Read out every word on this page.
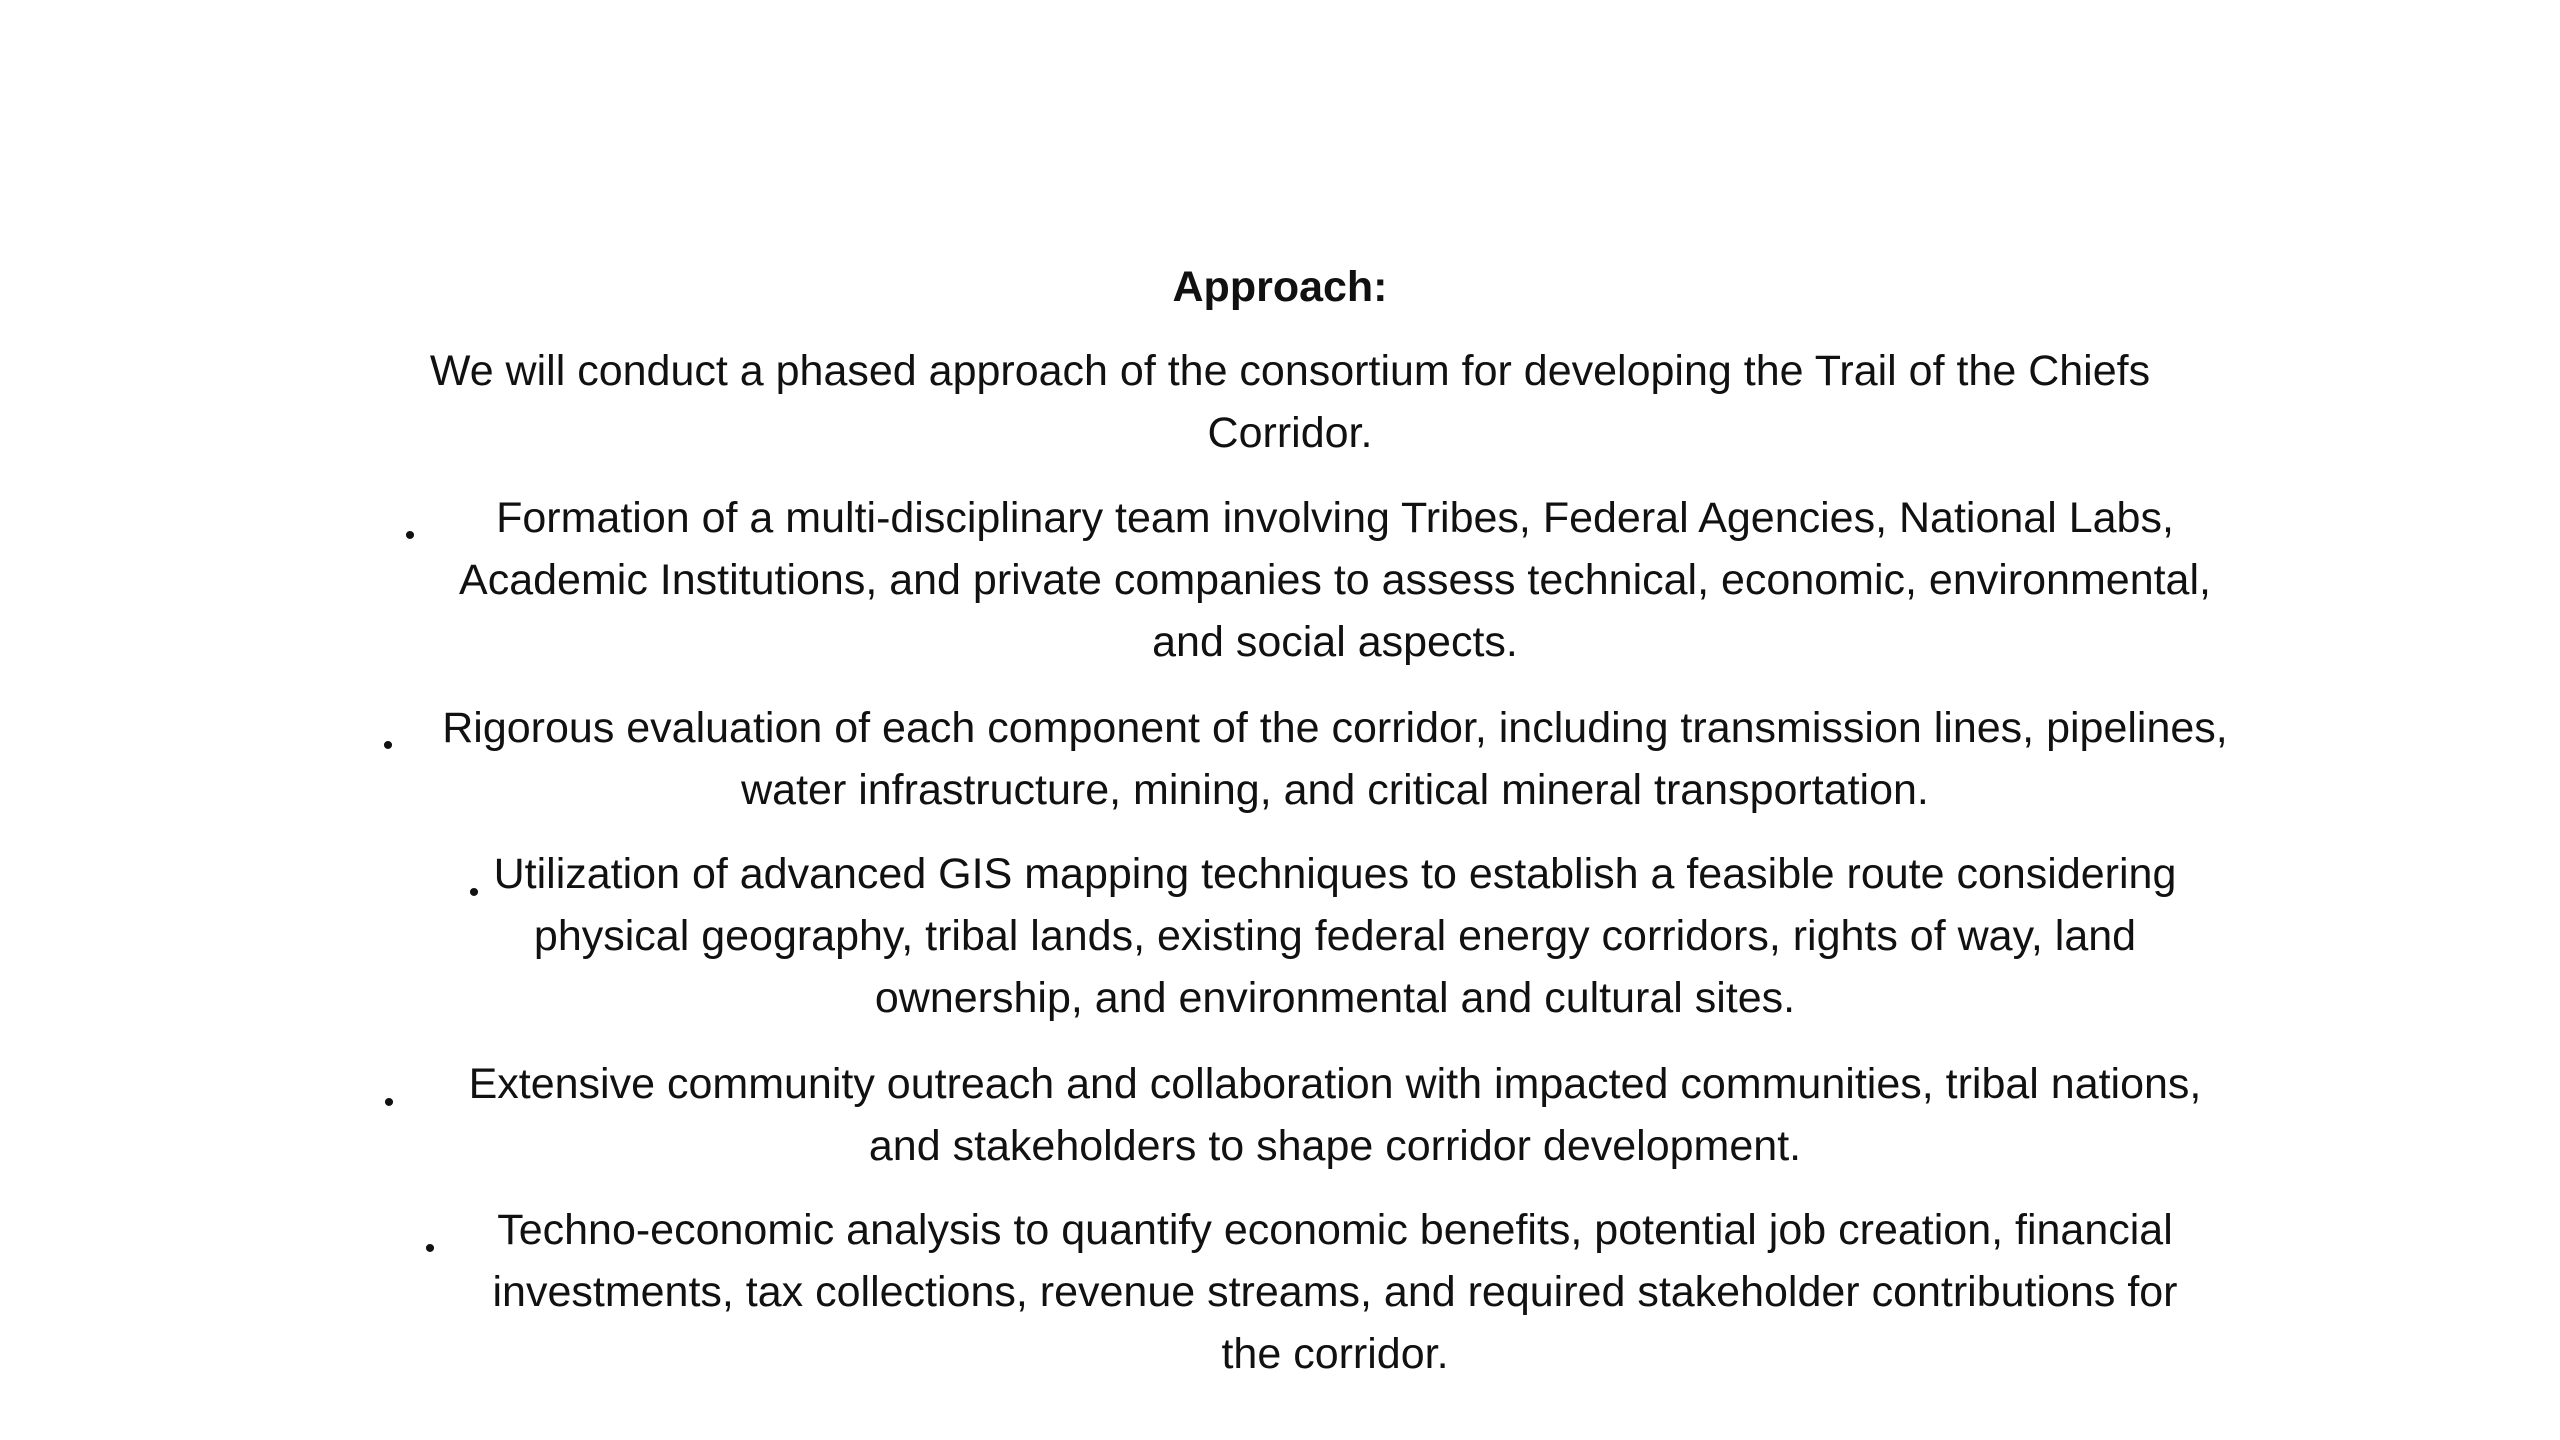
Approach:
We will conduct a phased approach of the consortium for developing the Trail of the Chiefs Corridor.
•	Formation of a multi-disciplinary team involving Tribes, Federal Agencies, National Labs, Academic Institutions, and private companies to assess technical, economic, environmental, and social aspects.
• Rigorous evaluation of each component of the corridor, including transmission lines, pipelines, water infrastructure, mining, and critical mineral transportation.
• Utilization of advanced GIS mapping techniques to establish a feasible route considering physical geography, tribal lands, existing federal energy corridors, rights of way, land ownership, and environmental and cultural sites.
•	Extensive community outreach and collaboration with impacted communities, tribal nations, and stakeholders to shape corridor development.
•	Techno-economic analysis to quantify economic benefits, potential job creation, financial investments, tax collections, revenue streams, and required stakeholder contributions for the corridor.
